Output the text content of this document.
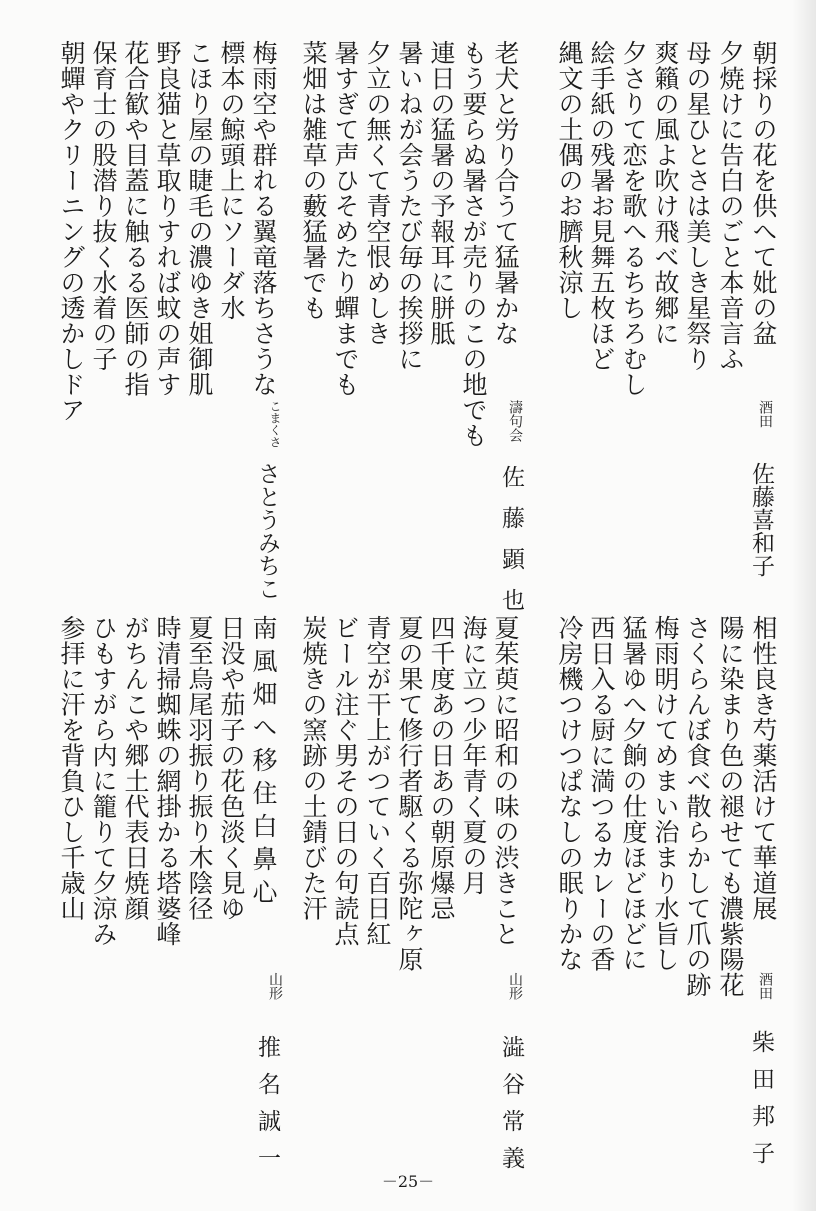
朝採りの花を供へて妣の盆
夕焼けに告白のごと本音言ふ
母の星ひとさは美しき星祭り
爽籟の風よ吹け飛べ故郷に
夕さりて恋を歌へるちちろむし
絵手紙の残暑お見舞五枚ほど
縄文の土偶のお臍秋涼し
酒田
佐藤喜和子
老犬と労り合うて猛暑かな
もう要らぬ暑さが売りのこの地でも
連日の猛暑の予報耳に胼胝
暑いねが会うたび毎の挨拶に
夕立の無くて青空恨めしき
暑すぎて声ひそめたり蟬までも
菜畑は雑草の藪猛暑でも
濤句会
佐藤顕也
梅雨空や群れる翼竜落ちさうな
標本の鯨頭上にソーダ水
こほり屋の睫毛の濃ゆき姐御肌
野良猫と草取りすれば蚊の声す
花合歓や目蓋に触るる医師の指
保育士の股潜り抜く水着の子
朝蟬やクリーニングの透かしドア
こまくさ
さとうみちこ
相性良き芍薬活けて華道展
陽に染まり色の褪せても濃紫陽花
さくらんぼ食べ散らかして爪の跡
梅雨明けてめまい治まり水旨し
猛暑ゆへ夕餉の仕度ほどほどに
西日入る厨に満つるカレーの香
冷房機つけつぱなしの眠りかな
酒田
柴田邦子
夏茱萸に昭和の味の渋きこと
海に立つ少年青く夏の月
四千度あの日あの朝原爆忌
夏の果て修行者駆くる弥陀ヶ原
青空が干上がつていく百日紅
ビール注ぐ男その日の句読点
炭焼きの窯跡の土錆びた汗
山形
澁谷常義
南風畑へ移住白鼻心
日没や茄子の花色淡く見ゆ
夏至烏尾羽振り振り木陰径
時清掃蜘蛛の網掛かる塔婆峰
がちんこや郷土代表日焼顔
ひもすがら内に籠りて夕涼み
参拝に汗を背負ひし千歳山
山形
推名誠一	－25－
